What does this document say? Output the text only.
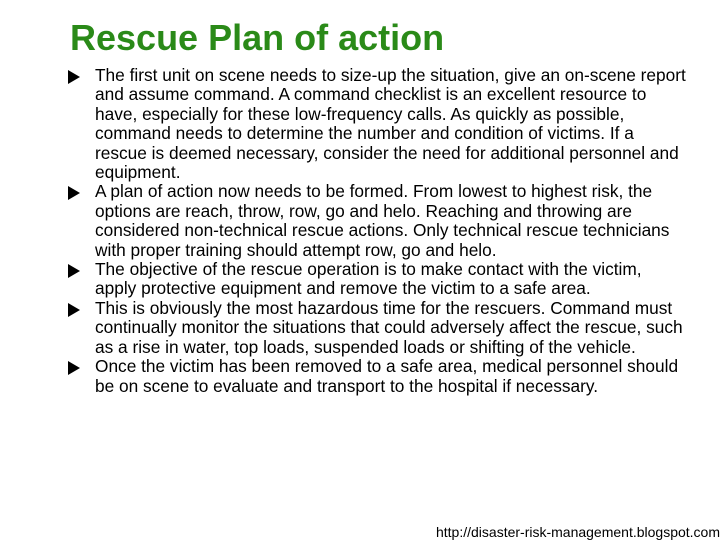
Rescue Plan of action
The first unit on scene needs to size-up the situation, give an on-scene report and assume command. A command checklist is an excellent resource to have, especially for these low-frequency calls. As quickly as possible, command needs to determine the number and condition of victims. If a rescue is deemed necessary, consider the need for additional personnel and equipment.
A plan of action now needs to be formed. From lowest to highest risk, the options are reach, throw, row, go and helo. Reaching and throwing are considered non-technical rescue actions. Only technical rescue technicians with proper training should attempt row, go and helo.
The objective of the rescue operation is to make contact with the victim, apply protective equipment and remove the victim to a safe area.
This is obviously the most hazardous time for the rescuers. Command must continually monitor the situations that could adversely affect the rescue, such as a rise in water, top loads, suspended loads or shifting of the vehicle.
Once the victim has been removed to a safe area, medical personnel should be on scene to evaluate and transport to the hospital if necessary.
http://disaster-risk-management.blogspot.com
